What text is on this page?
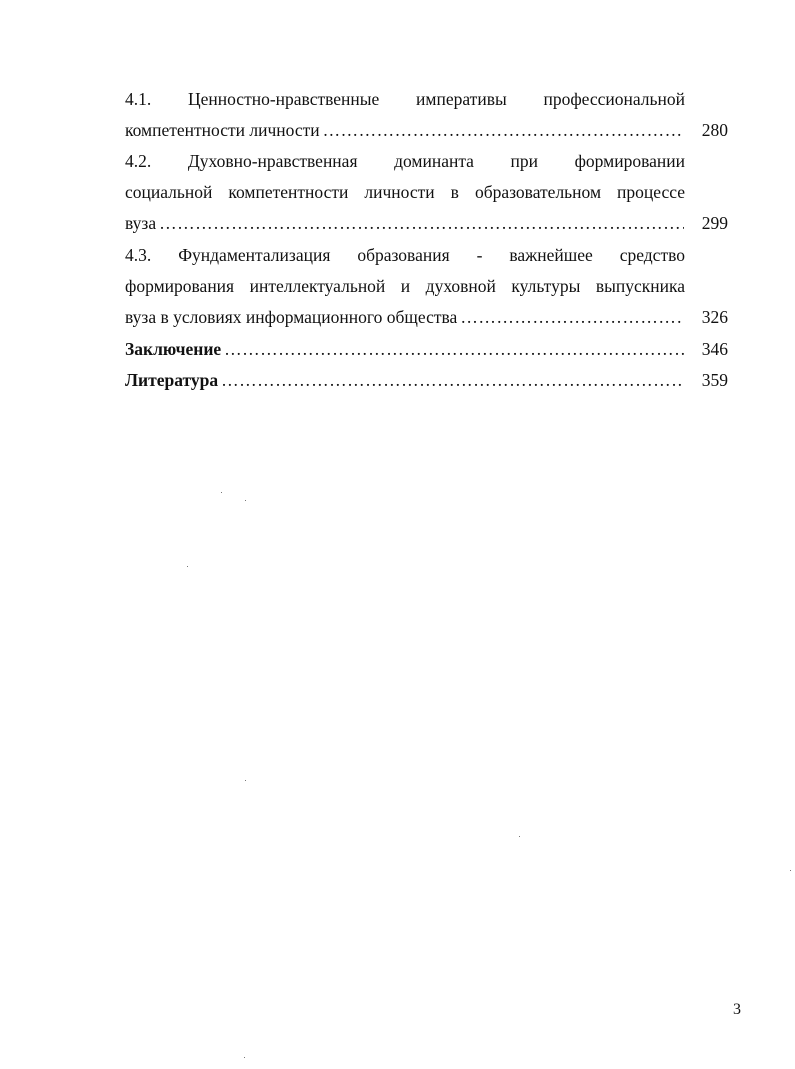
4.1. Ценностно-нравственные императивы профессиональной
компетентности личности ……………………………………………………………………………………………………………………………………………………………………………………	280
4.2. Духовно-нравственная доминанта при формировании
социальной компетентности личности в образовательном процессе
вуза ……………………………………………………………………………………………………………………………………………………………………………………	299
4.3. Фундаментализация образования - важнейшее средство
формирования интеллектуальной и духовной культуры выпускника
вуза в условиях информационного общества ……………………………………………………………………………………………………………………………………………………………………………………	326
Заключение ……………………………………………………………………………………………………………………………………………………………………………………	346
Литература ……………………………………………………………………………………………………………………………………………………………………………………	359
3
